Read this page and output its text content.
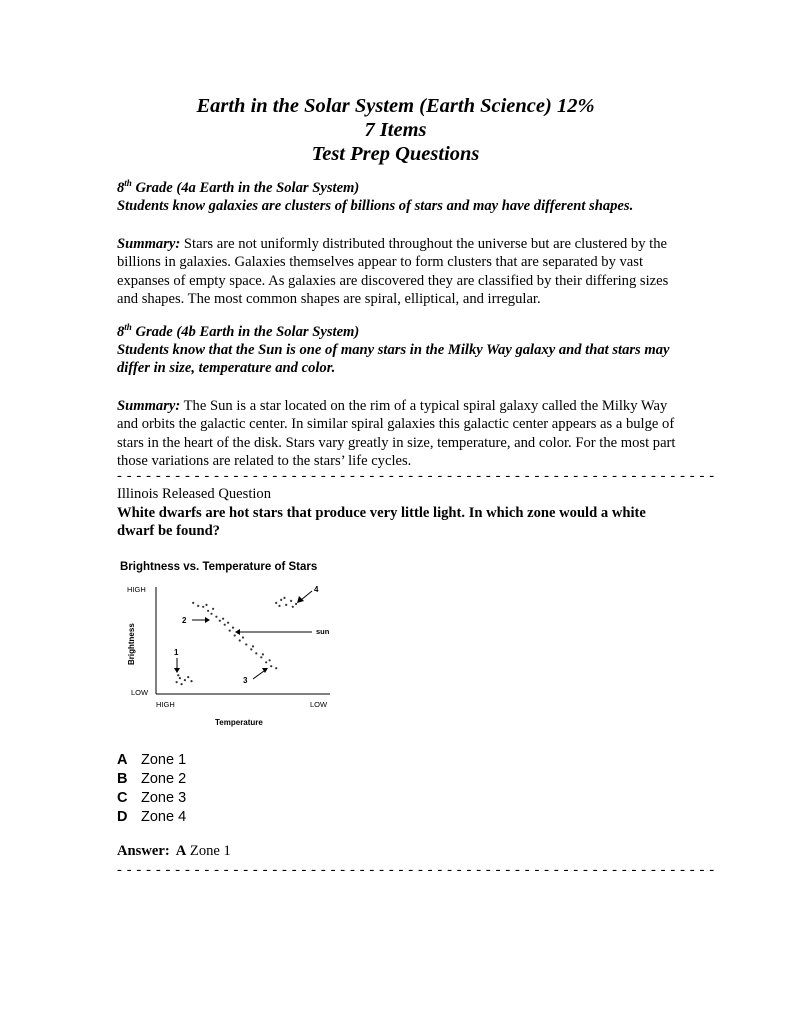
Earth in the Solar System (Earth Science) 12%
7 Items
Test Prep Questions
8th Grade (4a Earth in the Solar System)
Students know galaxies are clusters of billions of stars and may have different shapes.
Summary: Stars are not uniformly distributed throughout the universe but are clustered by the billions in galaxies. Galaxies themselves appear to form clusters that are separated by vast expanses of empty space. As galaxies are discovered they are classified by their differing sizes and shapes. The most common shapes are spiral, elliptical, and irregular.
8th Grade (4b Earth in the Solar System)
Students know that the Sun is one of many stars in the Milky Way galaxy and that stars may differ in size, temperature and color.
Summary: The Sun is a star located on the rim of a typical spiral galaxy called the Milky Way and orbits the galactic center. In similar spiral galaxies this galactic center appears as a bulge of stars in the heart of the disk. Stars vary greatly in size, temperature, and color. For the most part those variations are related to the stars’ life cycles.
- - - - - - - - - - - - - - - - - - - - - - - - - - - - - - - - - - - - - - - - - - - - - - - - - - - - - - - - - - - - - -
Illinois Released Question
White dwarfs are hot stars that produce very little light. In which zone would a white dwarf be found?
Brightness vs. Temperature of Stars
HIGH
LOW
HIGH	LOW
Temperature
Brightness	1
2
3
4
sun
A Zone 1
B Zone 2
C Zone 3
D Zone 4
Answer: A Zone 1
- - - - - - - - - - - - - - - - - - - - - - - - - - - - - - - - - - - - - - - - - - - - - - - - - - - - - - - - - - - - - -
